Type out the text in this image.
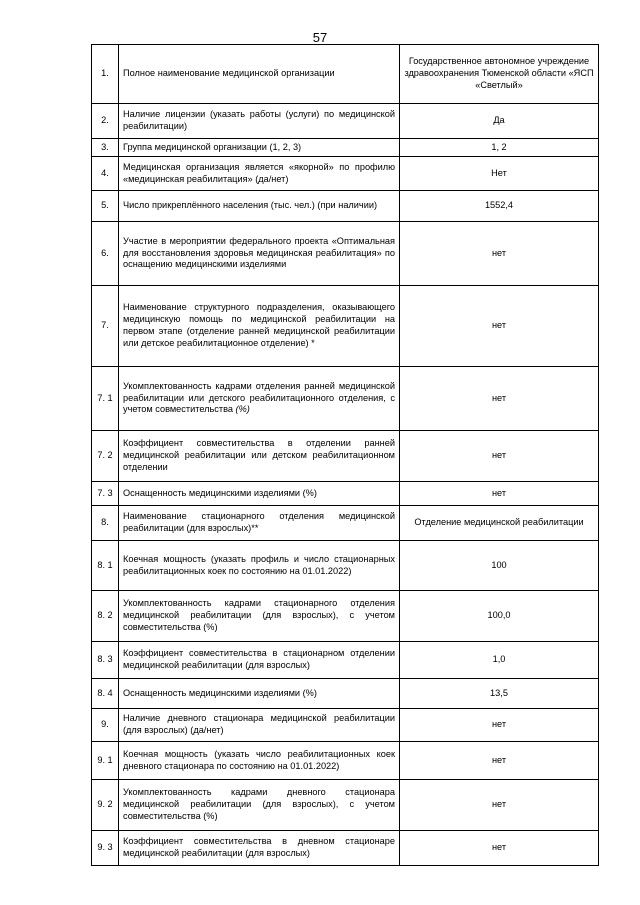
57
1.	Полное наименование медицинской организации	Государственное автономное учреждение здравоохранения Тюменской области «ЯСП «Светлый»
2.	Наличие лицензии (указать работы (услуги) по медицинской реабилитации)	Да
3.	Группа медицинской организации (1, 2, 3)	1, 2
4.	Медицинская организация является «якорной» по профилю «медицинская реабилитация» (да/нет)	Нет
5.	Число прикреплённого населения (тыс. чел.) (при наличии)	1552,4
6.	Участие в мероприятии федерального проекта «Оптимальная для восстановления здоровья медицинская реабилитация» по оснащению медицинскими изделиями	нет
7.	Наименование структурного подразделения, оказывающего медицинскую помощь по медицинской реабилитации на первом этапе (отделение ранней медицинской реабилитации или детское реабилитационное отделение) *	нет
7. 1	Укомплектованность кадрами отделения ранней медицинской реабилитации или детского реабилитационного отделения, с учетом совместительства (%)	нет
7. 2	Коэффициент совместительства в отделении ранней медицинской реабилитации или детском реабилитационном отделении	нет
7. 3	Оснащенность медицинскими изделиями (%)	нет
8.	Наименование стационарного отделения медицинской реабилитации (для взрослых)**	Отделение медицинской реабилитации
8. 1	Коечная мощность (указать профиль и число стационарных реабилитационных коек по состоянию на 01.01.2022)	100
8. 2	Укомплектованность кадрами стационарного отделения медицинской реабилитации (для взрослых), с учетом совместительства (%)	100,0
8. 3	Коэффициент совместительства в стационарном отделении медицинской реабилитации (для взрослых)	1,0
8. 4	Оснащенность медицинскими изделиями (%)	13,5
9.	Наличие дневного стационара медицинской реабилитации (для взрослых) (да/нет)	нет
9. 1	Коечная мощность (указать число реабилитационных коек дневного стационара по состоянию на 01.01.2022)	нет
9. 2	Укомплектованность кадрами дневного стационара медицинской реабилитации (для взрослых), с учетом совместительства (%)	нет
9. 3	Коэффициент совместительства в дневном стационаре медицинской реабилитации (для взрослых)	нет
